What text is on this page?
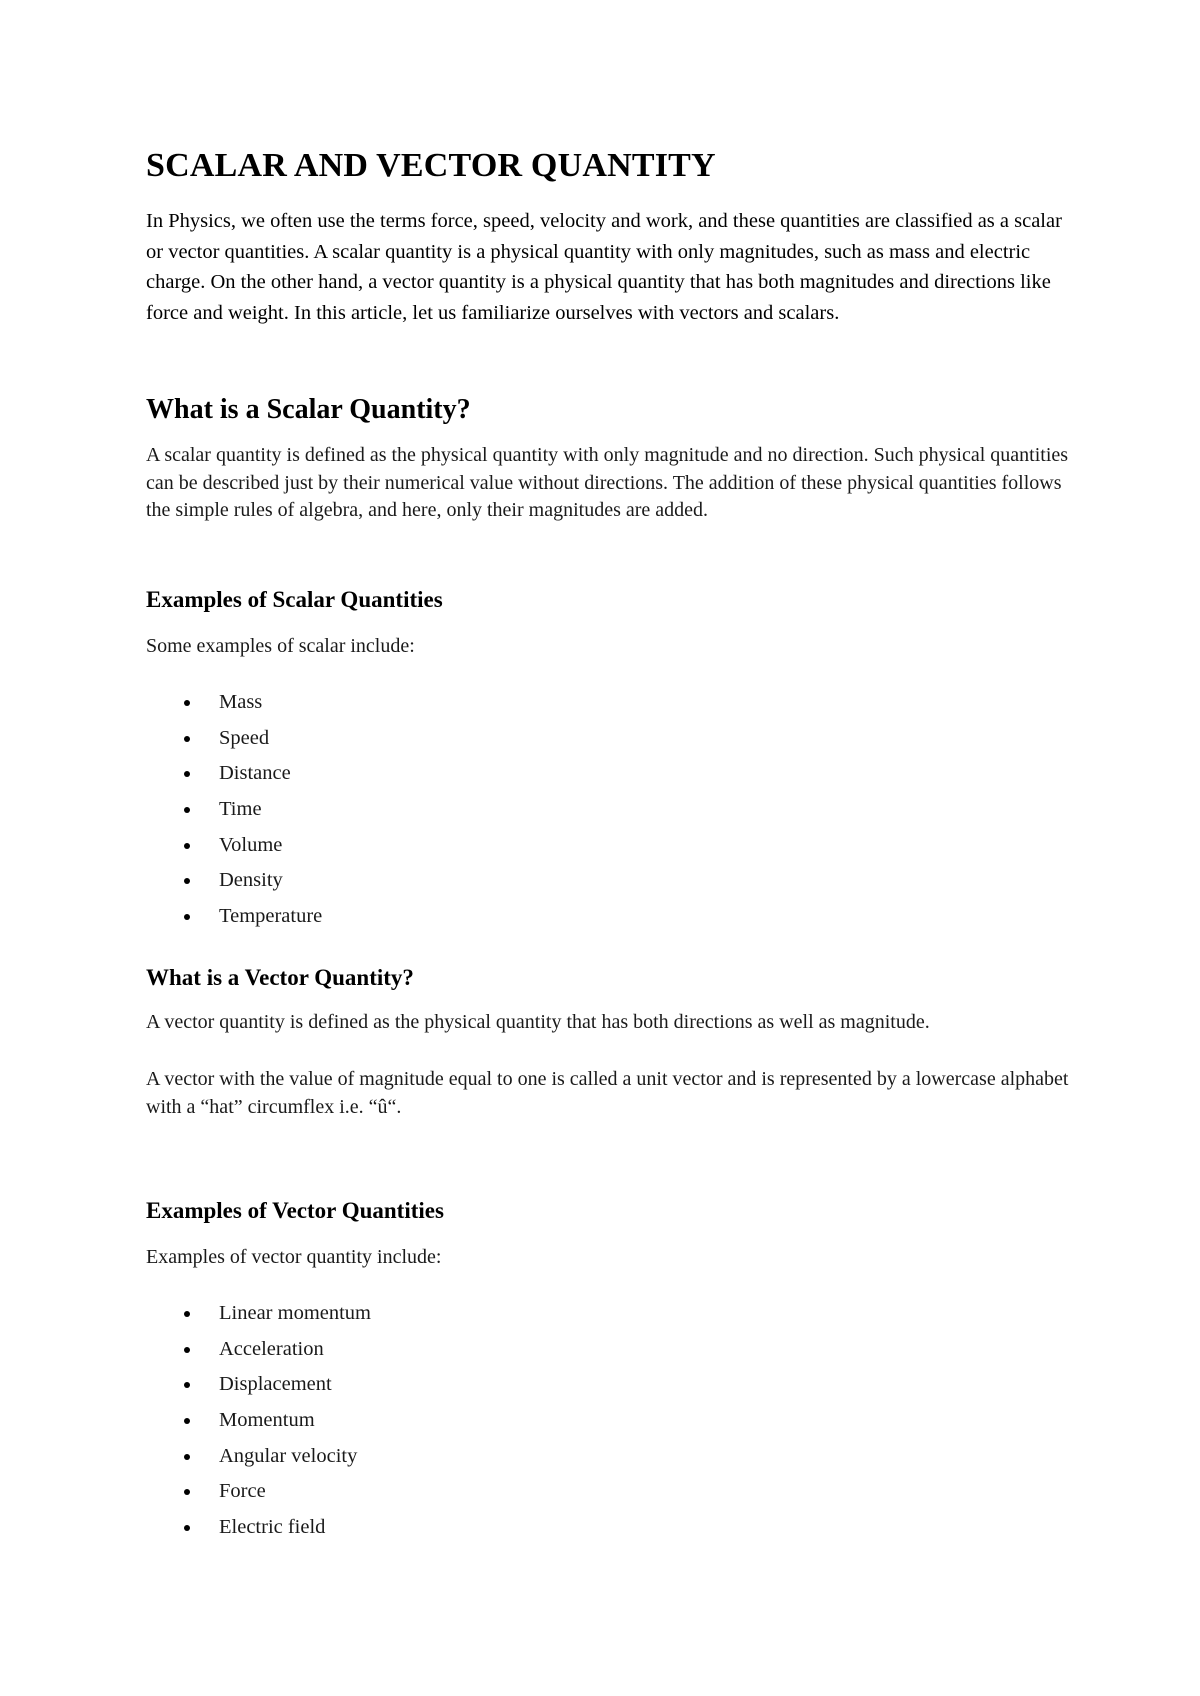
SCALAR AND VECTOR QUANTITY

In Physics, we often use the terms force, speed, velocity and work, and these quantities are classified as a scalar or vector quantities. A scalar quantity is a physical quantity with only magnitudes, such as mass and electric charge. On the other hand, a vector quantity is a physical quantity that has both magnitudes and directions like force and weight. In this article, let us familiarize ourselves with vectors and scalars.

What is a Scalar Quantity?

A scalar quantity is defined as the physical quantity with only magnitude and no direction. Such physical quantities can be described just by their numerical value without directions. The addition of these physical quantities follows the simple rules of algebra, and here, only their magnitudes are added.

Examples of Scalar Quantities

Some examples of scalar include:

Mass
Speed
Distance
Time
Volume
Density
Temperature
What is a Vector Quantity?

A vector quantity is defined as the physical quantity that has both directions as well as magnitude.

A vector with the value of magnitude equal to one is called a unit vector and is represented by a lowercase alphabet with a “hat” circumflex i.e. “û“.

Examples of Vector Quantities

Examples of vector quantity include:

Linear momentum
Acceleration
Displacement
Momentum
Angular velocity
Force
Electric field
